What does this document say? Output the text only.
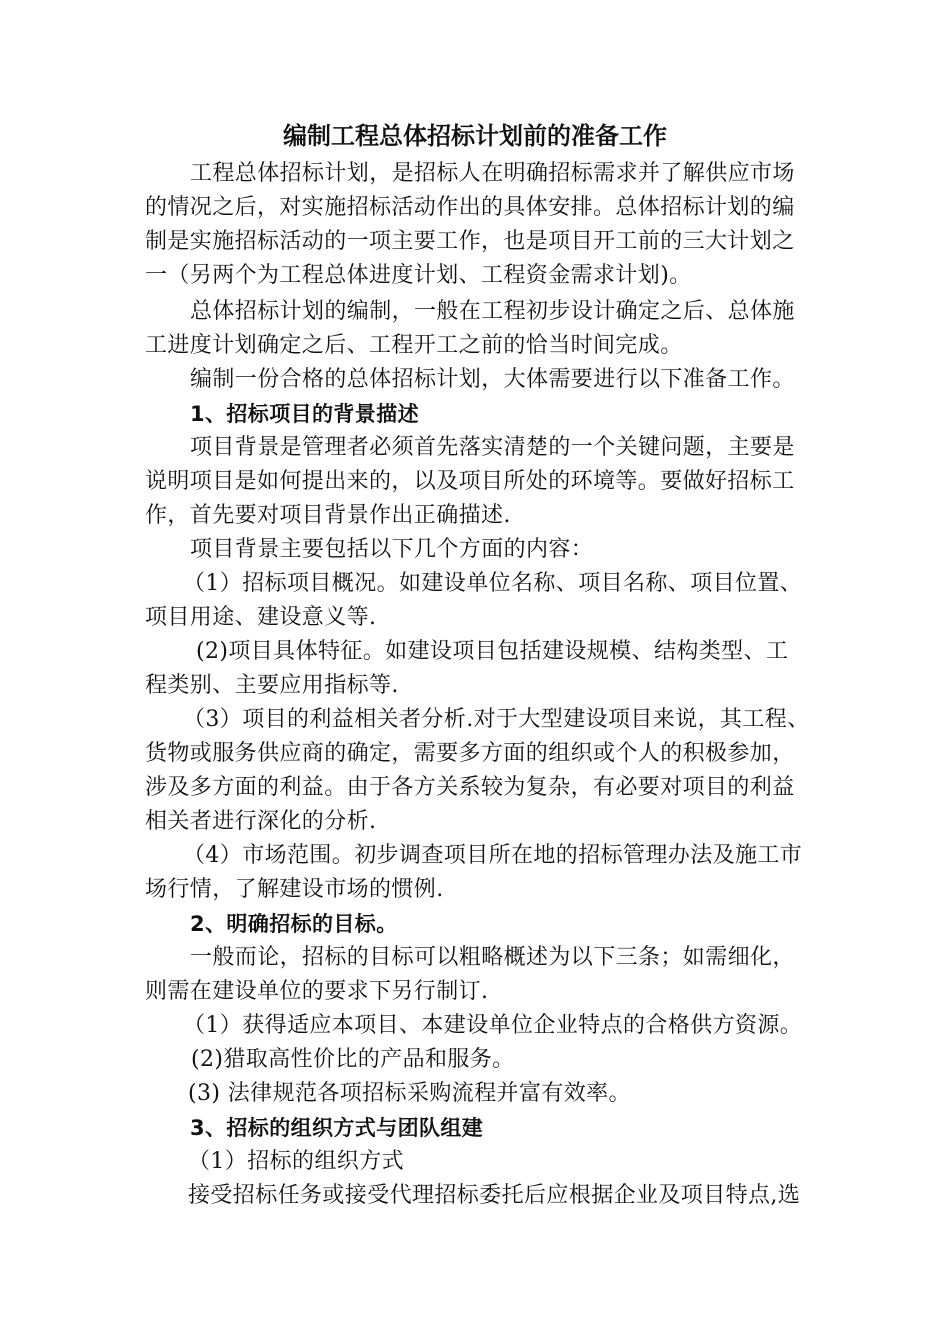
编制工程总体招标计划前的准备工作
工程总体招标计划，是招标人在明确招标需求并了解供应市场
的情况之后，对实施招标活动作出的具体安排。总体招标计划的编
制是实施招标活动的一项主要工作，也是项目开工前的三大计划之
一（另两个为工程总体进度计划、工程资金需求计划)。
总体招标计划的编制，一般在工程初步设计确定之后、总体施
工进度计划确定之后、工程开工之前的恰当时间完成。
编制一份合格的总体招标计划，大体需要进行以下准备工作。
1、招标项目的背景描述
项目背景是管理者必须首先落实清楚的一个关键问题，主要是
说明项目是如何提出来的，以及项目所处的环境等。要做好招标工
作，首先要对项目背景作出正确描述.
项目背景主要包括以下几个方面的内容：
（1）招标项目概况。如建设单位名称、项目名称、项目位置、
项目用途、建设意义等.
(2)项目具体特征。如建设项目包括建设规模、结构类型、工
程类别、主要应用指标等.
（3）项目的利益相关者分析.对于大型建设项目来说，其工程、
货物或服务供应商的确定，需要多方面的组织或个人的积极参加，
涉及多方面的利益。由于各方关系较为复杂，有必要对项目的利益
相关者进行深化的分析.
（4）市场范围。初步调查项目所在地的招标管理办法及施工市
场行情，了解建设市场的惯例.
2、明确招标的目标。
一般而论，招标的目标可以粗略概述为以下三条；如需细化，
则需在建设单位的要求下另行制订.
（1）获得适应本项目、本建设单位企业特点的合格供方资源。
(2)猎取高性价比的产品和服务。
(3) 法律规范各项招标采购流程并富有效率。
3、招标的组织方式与团队组建
（1）招标的组织方式
接受招标任务或接受代理招标委托后应根据企业及项目特点,选
